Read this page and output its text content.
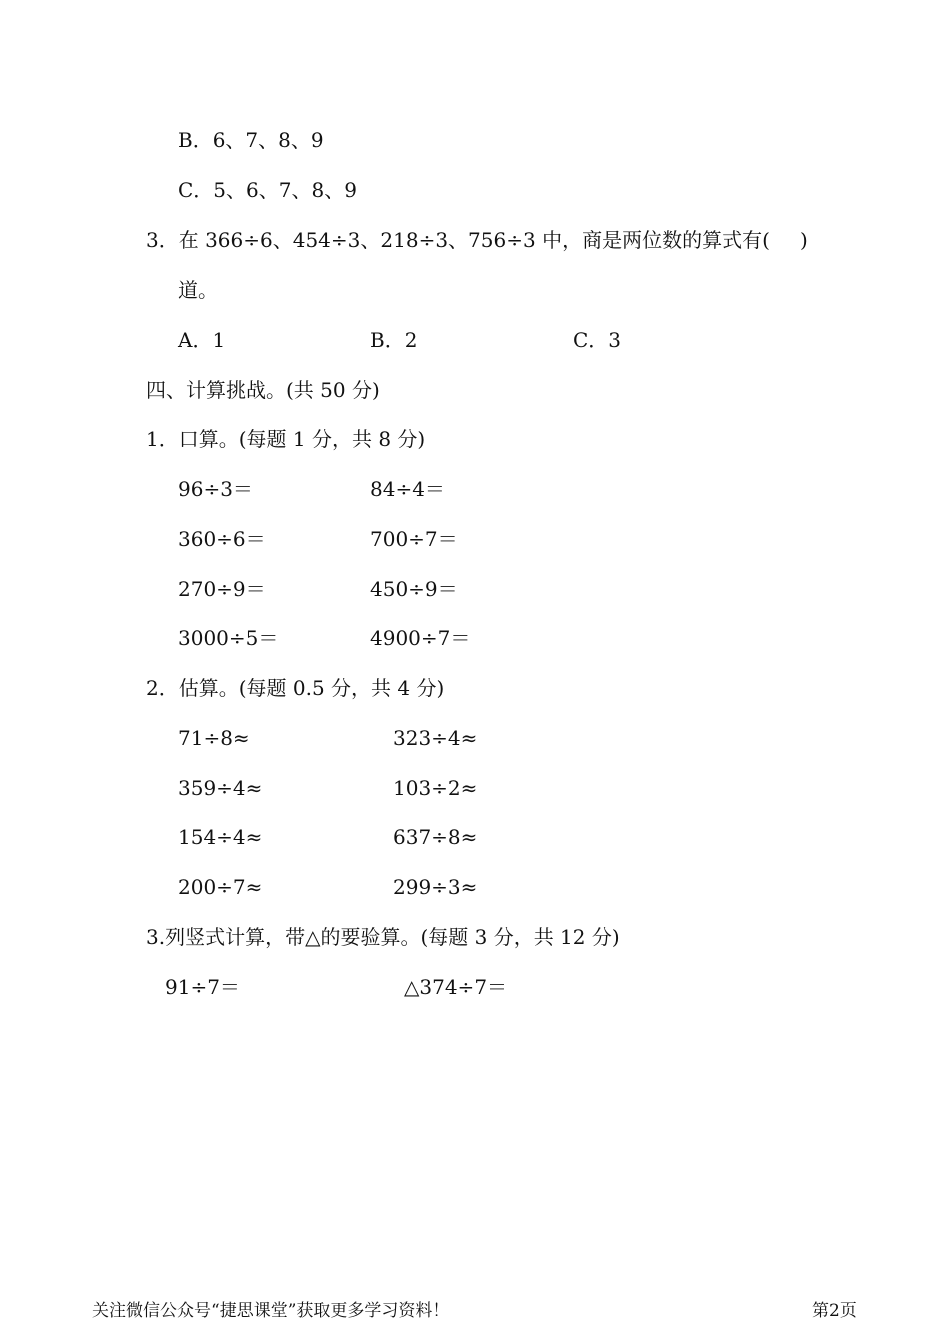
B．6、7、8、9
C．5、6、7、8、9
3．在 366÷6、454÷3、218÷3、756÷3 中，商是两位数的算式有( )
道。
A．1	B．2	C．3
四、计算挑战。(共 50 分)
1．口算。(每题 1 分，共 8 分)
96÷3＝	84÷4＝
360÷6＝	700÷7＝
270÷9＝	450÷9＝
3000÷5＝	4900÷7＝
2．估算。(每题 0.5 分，共 4 分)
71÷8≈	323÷4≈
359÷4≈	103÷2≈
154÷4≈	637÷8≈
200÷7≈	299÷3≈
3.列竖式计算，带△的要验算。(每题 3 分，共 12 分)
91÷7＝	△374÷7＝
关注微信公众号“捷思课堂”获取更多学习资料！	第2页
